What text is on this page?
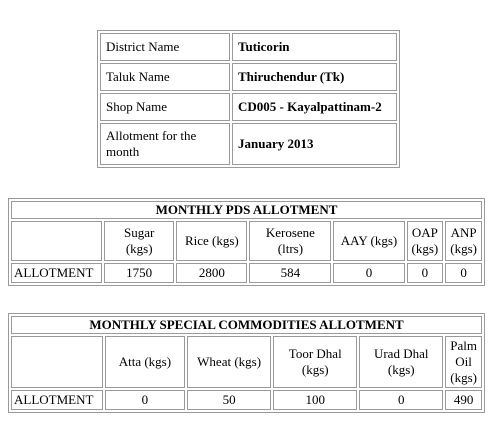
District Name	Tuticorin
Taluk Name	Thiruchendur (Tk)
Shop Name	CD005 - Kayalpattinam-2
Allotment for the month	January 2013
MONTHLY PDS ALLOTMENT						
	Sugar (kgs)	Rice (kgs)	Kerosene (ltrs)	AAY (kgs)	OAP (kgs)	ANP (kgs)
ALLOTMENT	1750	2800	584	0	0	0
MONTHLY SPECIAL COMMODITIES ALLOTMENT					
	Atta (kgs)	Wheat (kgs)	Toor Dhal (kgs)	Urad Dhal (kgs)	Palm Oil (kgs)
ALLOTMENT	0	50	100	0	490
